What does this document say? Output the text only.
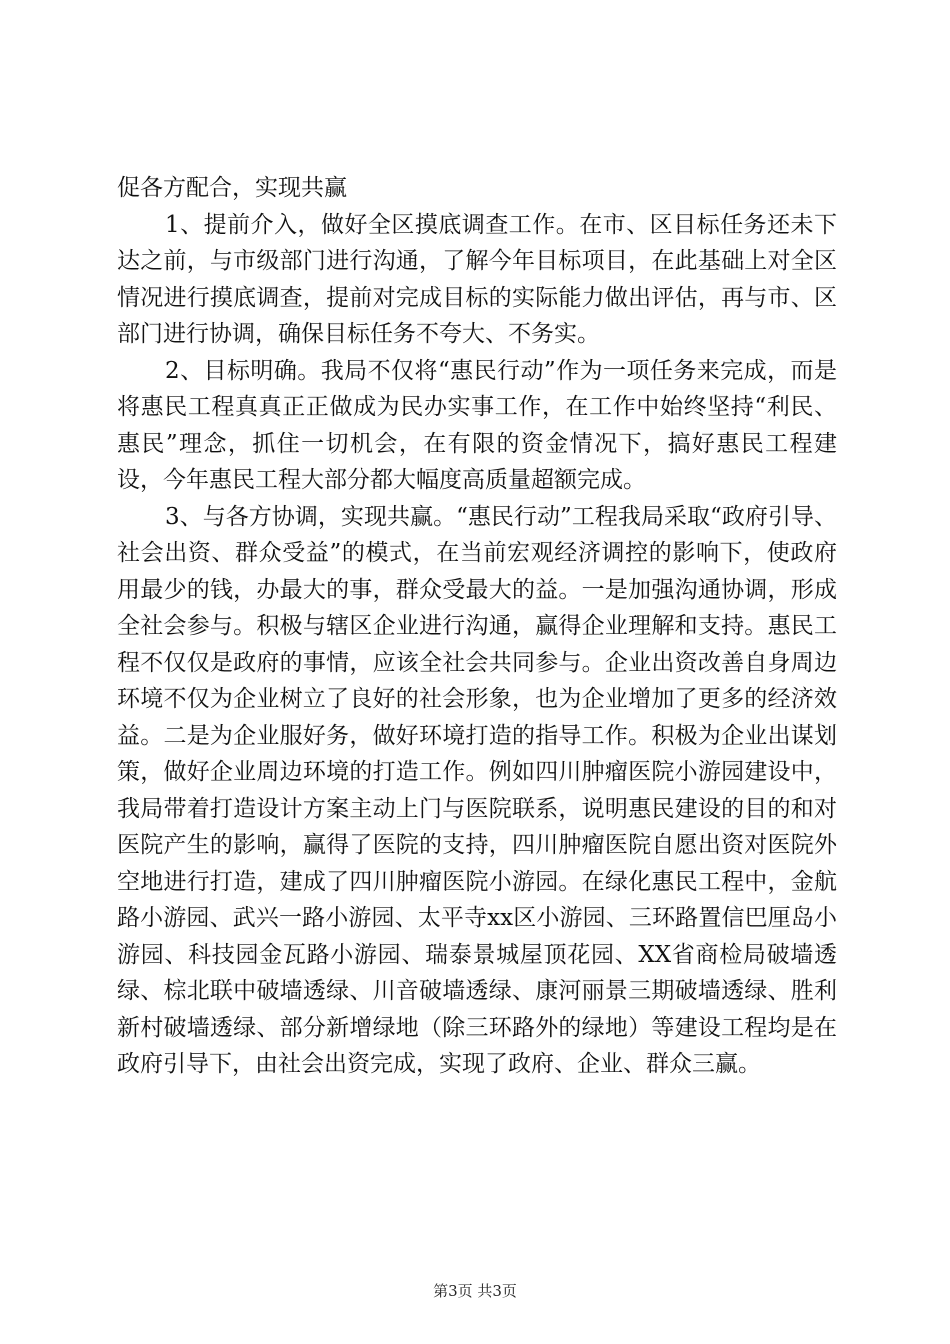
促各方配合，实现共赢

1、提前介入，做好全区摸底调查工作。在市、区目标任务还未下达之前，与市级部门进行沟通，了解今年目标项目，在此基础上对全区情况进行摸底调查，提前对完成目标的实际能力做出评估，再与市、区部门进行协调，确保目标任务不夸大、不务实。

2、目标明确。我局不仅将“惠民行动”作为一项任务来完成，而是将惠民工程真真正正做成为民办实事工作，在工作中始终坚持“利民、惠民”理念，抓住一切机会，在有限的资金情况下，搞好惠民工程建设，今年惠民工程大部分都大幅度高质量超额完成。

3、与各方协调，实现共赢。“惠民行动”工程我局采取“政府引导、社会出资、群众受益”的模式，在当前宏观经济调控的影响下，使政府用最少的钱，办最大的事，群众受最大的益。一是加强沟通协调，形成全社会参与。积极与辖区企业进行沟通，赢得企业理解和支持。惠民工程不仅仅是政府的事情，应该全社会共同参与。企业出资改善自身周边环境不仅为企业树立了良好的社会形象，也为企业增加了更多的经济效益。二是为企业服好务，做好环境打造的指导工作。积极为企业出谋划策，做好企业周边环境的打造工作。例如四川肿瘤医院小游园建设中，我局带着打造设计方案主动上门与医院联系，说明惠民建设的目的和对医院产生的影响，赢得了医院的支持，四川肿瘤医院自愿出资对医院外空地进行打造，建成了四川肿瘤医院小游园。在绿化惠民工程中，金航路小游园、武兴一路小游园、太平寺xx区小游园、三环路置信巴厘岛小游园、科技园金瓦路小游园、瑞泰景城屋顶花园、XX省商检局破墙透绿、棕北联中破墙透绿、川音破墙透绿、康河丽景三期破墙透绿、胜利新村破墙透绿、部分新增绿地（除三环路外的绿地）等建设工程均是在政府引导下，由社会出资完成，实现了政府、企业、群众三赢。

第3页 共3页
